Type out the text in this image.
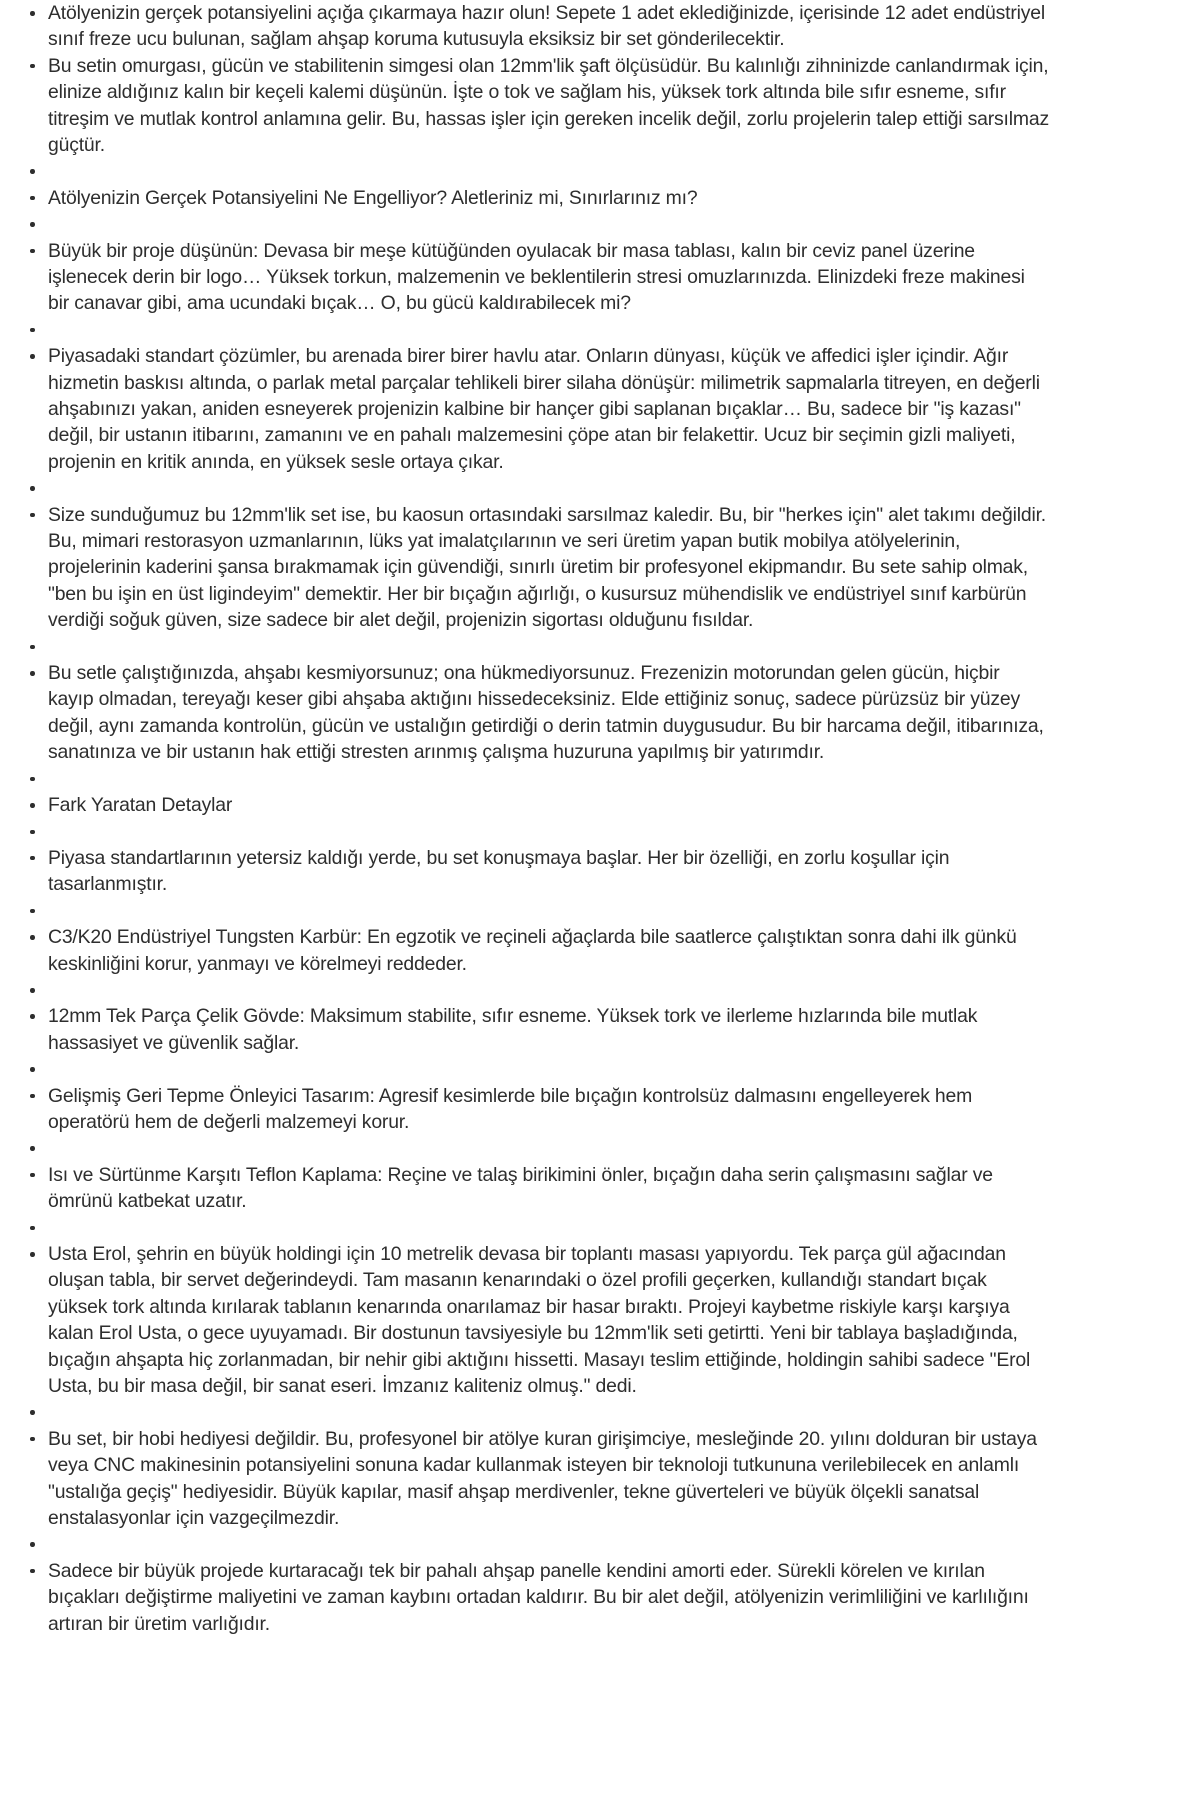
Atölyenizin gerçek potansiyelini açığa çıkarmaya hazır olun! Sepete 1 adet eklediğinizde, içerisinde 12 adet endüstriyel sınıf freze ucu bulunan, sağlam ahşap koruma kutusuyla eksiksiz bir set gönderilecektir.
Bu setin omurgası, gücün ve stabilitenin simgesi olan 12mm'lik şaft ölçüsüdür. Bu kalınlığı zihninizde canlandırmak için, elinize aldığınız kalın bir keçeli kalemi düşünün. İşte o tok ve sağlam his, yüksek tork altında bile sıfır esneme, sıfır titreşim ve mutlak kontrol anlamına gelir. Bu, hassas işler için gereken incelik değil, zorlu projelerin talep ettiği sarsılmaz güçtür.
Atölyenizin Gerçek Potansiyelini Ne Engelliyor? Aletleriniz mi, Sınırlarınız mı?
Büyük bir proje düşünün: Devasa bir meşe kütüğünden oyulacak bir masa tablası, kalın bir ceviz panel üzerine işlenecek derin bir logo… Yüksek torkun, malzemenin ve beklentilerin stresi omuzlarınızda. Elinizdeki freze makinesi bir canavar gibi, ama ucundaki bıçak… O, bu gücü kaldırabilecek mi?
Piyasadaki standart çözümler, bu arenada birer birer havlu atar. Onların dünyası, küçük ve affedici işler içindir. Ağır hizmetin baskısı altında, o parlak metal parçalar tehlikeli birer silaha dönüşür: milimetrik sapmalarla titreyen, en değerli ahşabınızı yakan, aniden esneyerek projenizin kalbine bir hançer gibi saplanan bıçaklar… Bu, sadece bir "iş kazası" değil, bir ustanın itibarını, zamanını ve en pahalı malzemesini çöpe atan bir felakettir. Ucuz bir seçimin gizli maliyeti, projenin en kritik anında, en yüksek sesle ortaya çıkar.
Size sunduğumuz bu 12mm'lik set ise, bu kaosun ortasındaki sarsılmaz kaledir. Bu, bir "herkes için" alet takımı değildir. Bu, mimari restorasyon uzmanlarının, lüks yat imalatçılarının ve seri üretim yapan butik mobilya atölyelerinin, projelerinin kaderini şansa bırakmamak için güvendiği, sınırlı üretim bir profesyonel ekipmandır. Bu sete sahip olmak, "ben bu işin en üst ligindeyim" demektir. Her bir bıçağın ağırlığı, o kusursuz mühendislik ve endüstriyel sınıf karbürün verdiği soğuk güven, size sadece bir alet değil, projenizin sigortası olduğunu fısıldar.
Bu setle çalıştığınızda, ahşabı kesmiyorsunuz; ona hükmediyorsunuz. Frezenizin motorundan gelen gücün, hiçbir kayıp olmadan, tereyağı keser gibi ahşaba aktığını hissedeceksiniz. Elde ettiğiniz sonuç, sadece pürüzsüz bir yüzey değil, aynı zamanda kontrolün, gücün ve ustalığın getirdiği o derin tatmin duygusudur. Bu bir harcama değil, itibarınıza, sanatınıza ve bir ustanın hak ettiği stresten arınmış çalışma huzuruna yapılmış bir yatırımdır.
Fark Yaratan Detaylar
Piyasa standartlarının yetersiz kaldığı yerde, bu set konuşmaya başlar. Her bir özelliği, en zorlu koşullar için tasarlanmıştır.
C3/K20 Endüstriyel Tungsten Karbür: En egzotik ve reçineli ağaçlarda bile saatlerce çalıştıktan sonra dahi ilk günkü keskinliğini korur, yanmayı ve körelmeyi reddeder.
12mm Tek Parça Çelik Gövde: Maksimum stabilite, sıfır esneme. Yüksek tork ve ilerleme hızlarında bile mutlak hassasiyet ve güvenlik sağlar.
Gelişmiş Geri Tepme Önleyici Tasarım: Agresif kesimlerde bile bıçağın kontrolsüz dalmasını engelleyerek hem operatörü hem de değerli malzemeyi korur.
Isı ve Sürtünme Karşıtı Teflon Kaplama: Reçine ve talaş birikimini önler, bıçağın daha serin çalışmasını sağlar ve ömrünü katbekat uzatır.
Usta Erol, şehrin en büyük holdingi için 10 metrelik devasa bir toplantı masası yapıyordu. Tek parça gül ağacından oluşan tabla, bir servet değerindeydi. Tam masanın kenarındaki o özel profili geçerken, kullandığı standart bıçak yüksek tork altında kırılarak tablanın kenarında onarılamaz bir hasar bıraktı. Projeyi kaybetme riskiyle karşı karşıya kalan Erol Usta, o gece uyuyamadı. Bir dostunun tavsiyesiyle bu 12mm'lik seti getirtti. Yeni bir tablaya başladığında, bıçağın ahşapta hiç zorlanmadan, bir nehir gibi aktığını hissetti. Masayı teslim ettiğinde, holdingin sahibi sadece "Erol Usta, bu bir masa değil, bir sanat eseri. İmzanız kaliteniz olmuş." dedi.
Bu set, bir hobi hediyesi değildir. Bu, profesyonel bir atölye kuran girişimciye, mesleğinde 20. yılını dolduran bir ustaya veya CNC makinesinin potansiyelini sonuna kadar kullanmak isteyen bir teknoloji tutkununa verilebilecek en anlamlı "ustalığa geçiş" hediyesidir. Büyük kapılar, masif ahşap merdivenler, tekne güverteleri ve büyük ölçekli sanatsal enstalasyonlar için vazgeçilmezdir.
Sadece bir büyük projede kurtaracağı tek bir pahalı ahşap panelle kendini amorti eder. Sürekli körelen ve kırılan bıçakları değiştirme maliyetini ve zaman kaybını ortadan kaldırır. Bu bir alet değil, atölyenizin verimliliğini ve karlılığını artıran bir üretim varlığıdır.
